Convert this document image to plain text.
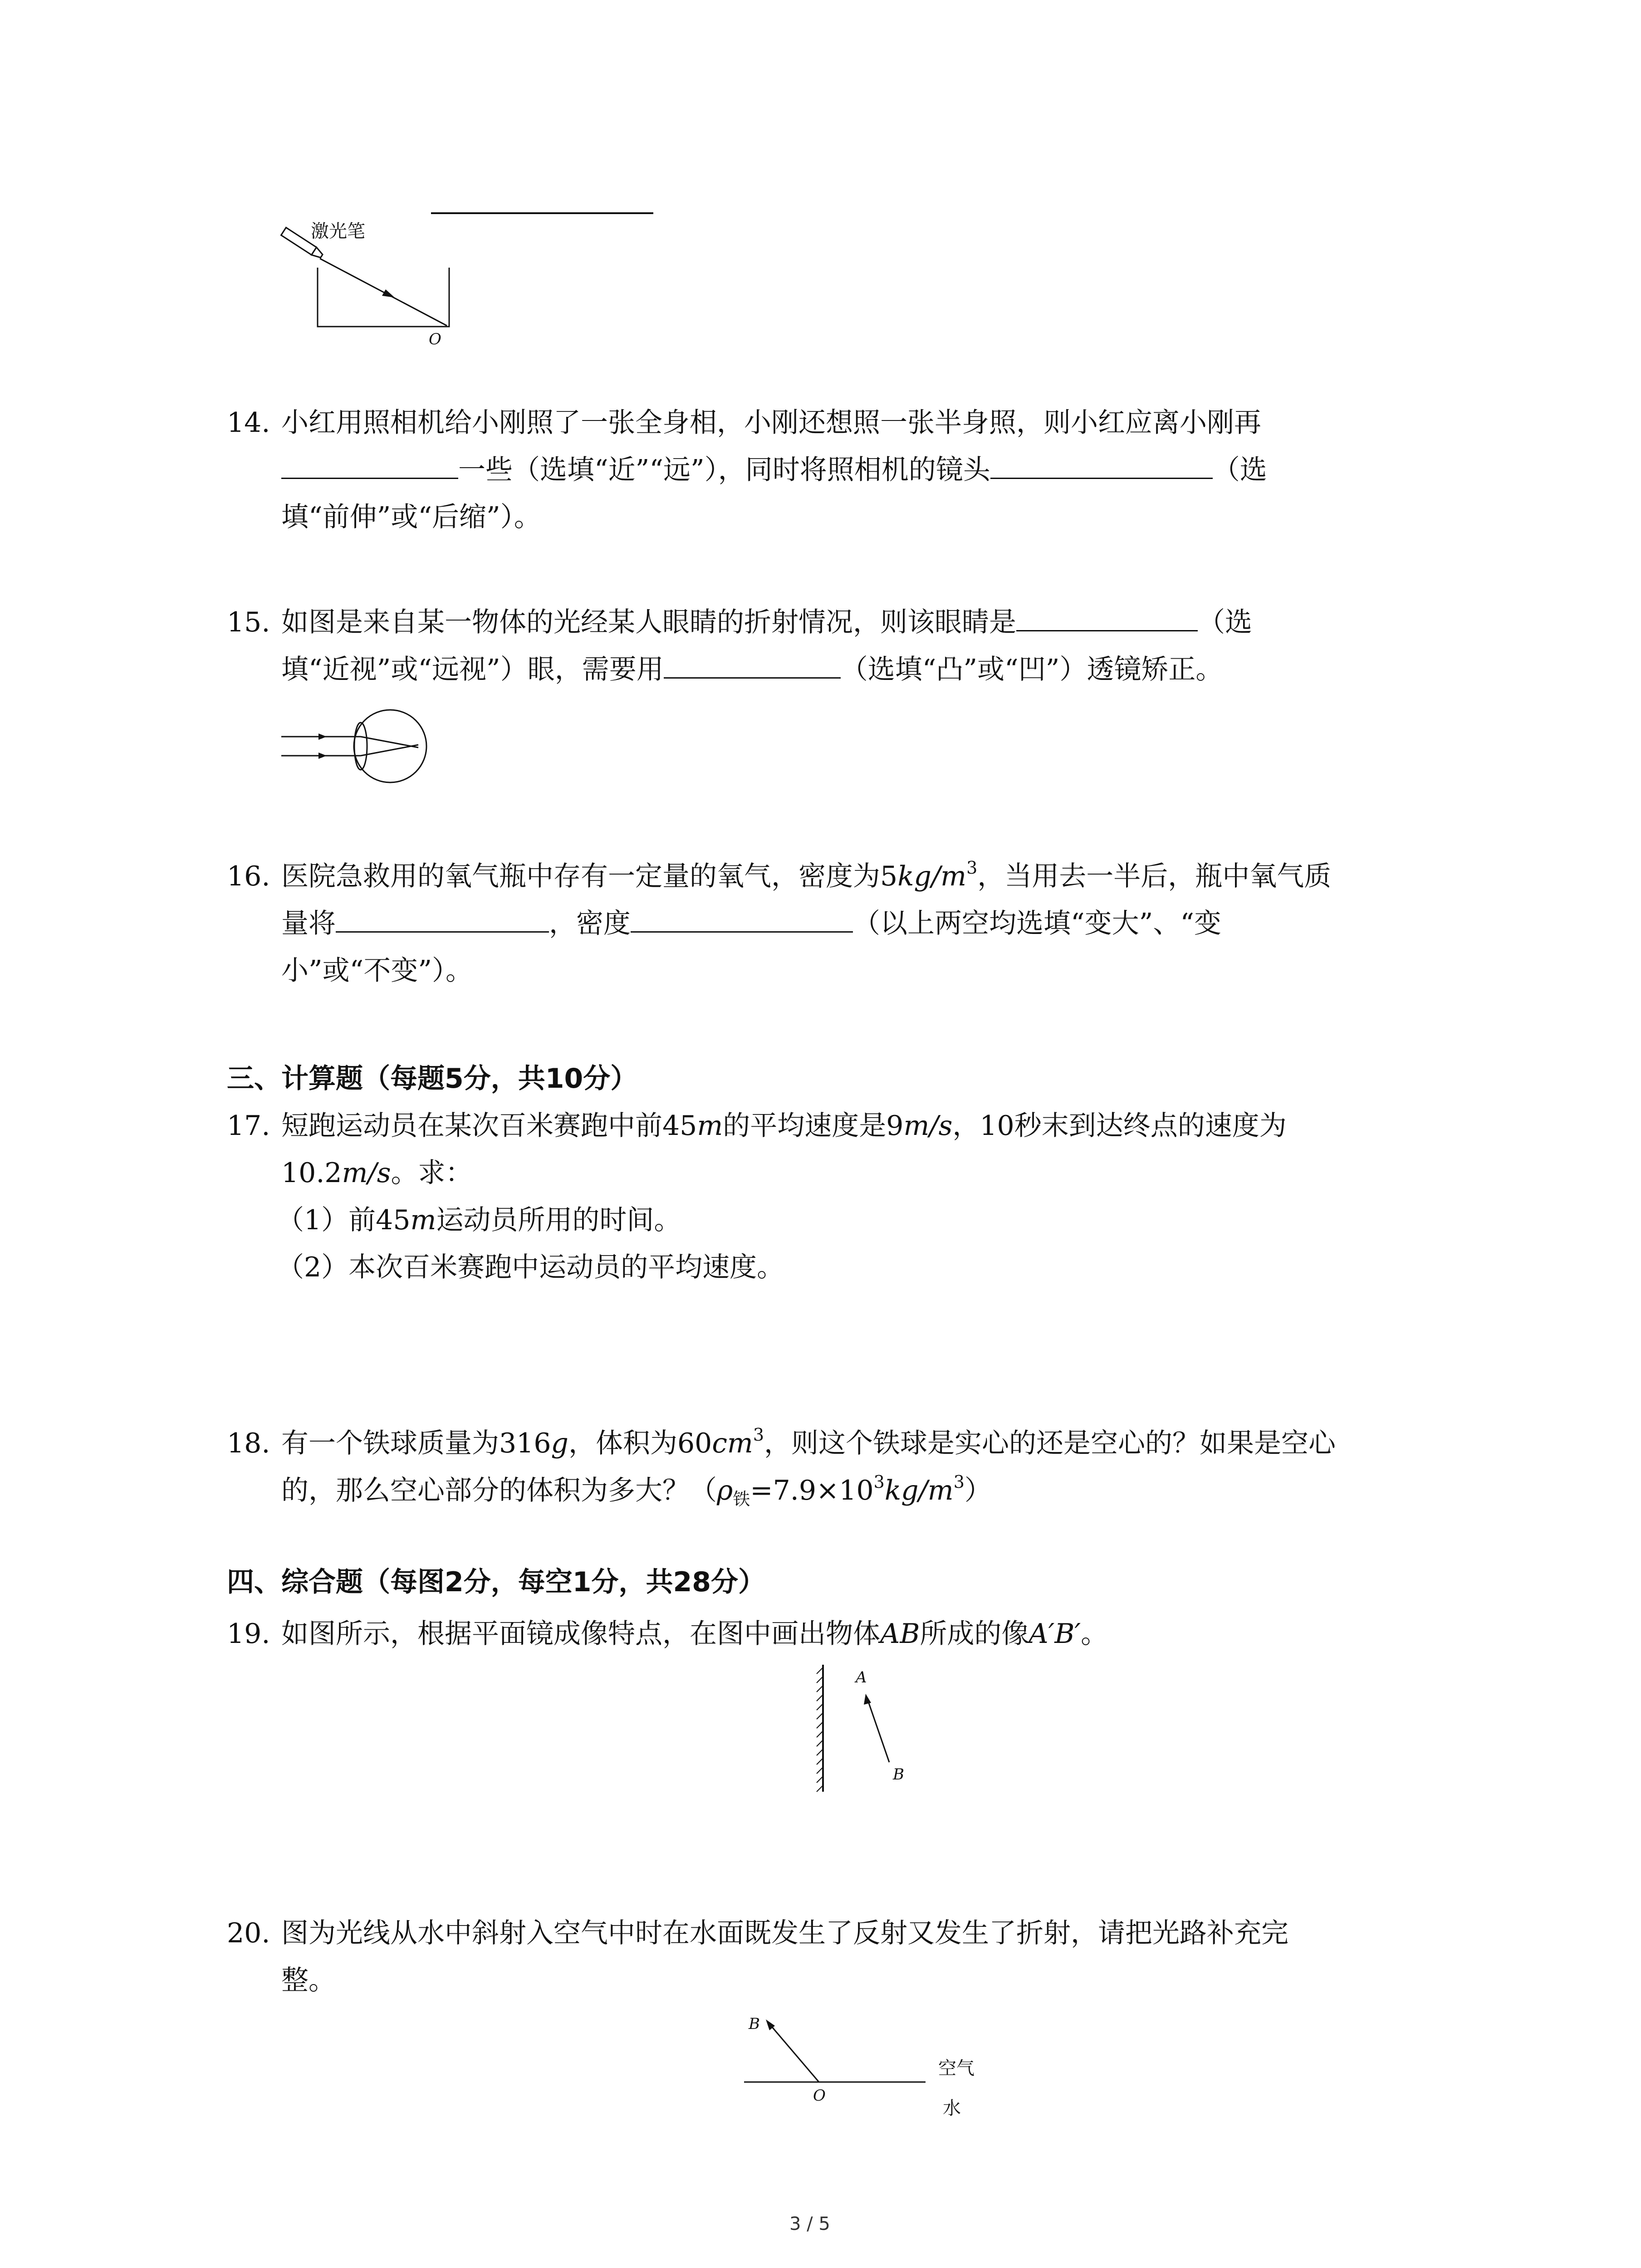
激光笔
O
14. 小红用照相机给小刚照了一张全身相，小刚还想照一张半身照，则小红应离小刚再
一些（选填“近”“远”），同时将照相机的镜头	（选
填“前伸”或“后缩”）。
15. 如图是来自某一物体的光经某人眼睛的折射情况，则该眼睛是	（选
填“近视”或“远视”）眼，需要用	（选填“凸”或“凹”）透镜矫正。
16. 医院急救用的氧气瓶中存有一定量的氧气，密度为$5kg/m^3$，当用去一半后，瓶中氧气质
量将	，密度	（以上两空均选填“变大”、“变
小”或“不变”）。
三、计算题（每题5分，共10分）
17. 短跑运动员在某次百米赛跑中前45m的平均速度是9m/s，10秒末到达终点的速度为
10.2m/s。求：
（1）前45m运动员所用的时间。
（2）本次百米赛跑中运动员的平均速度。
18. 有一个铁球质量为316g，体积为$60cm^3$，则这个铁球是实心的还是空心的？如果是空心
的，那么空心部分的体积为多大？$(\rho_铁=7.9\times 10^3kg/m^3)$
四、综合题（每图2分，每空1分，共28分）
19. 如图所示，根据平面镜成像特点，在图中画出物体AB所成的像A′B′。
A
B
20. 图为光线从水中斜射入空气中时在水面既发生了反射又发生了折射，请把光路补充完
整。
B
O
空气
水
3 / 5
